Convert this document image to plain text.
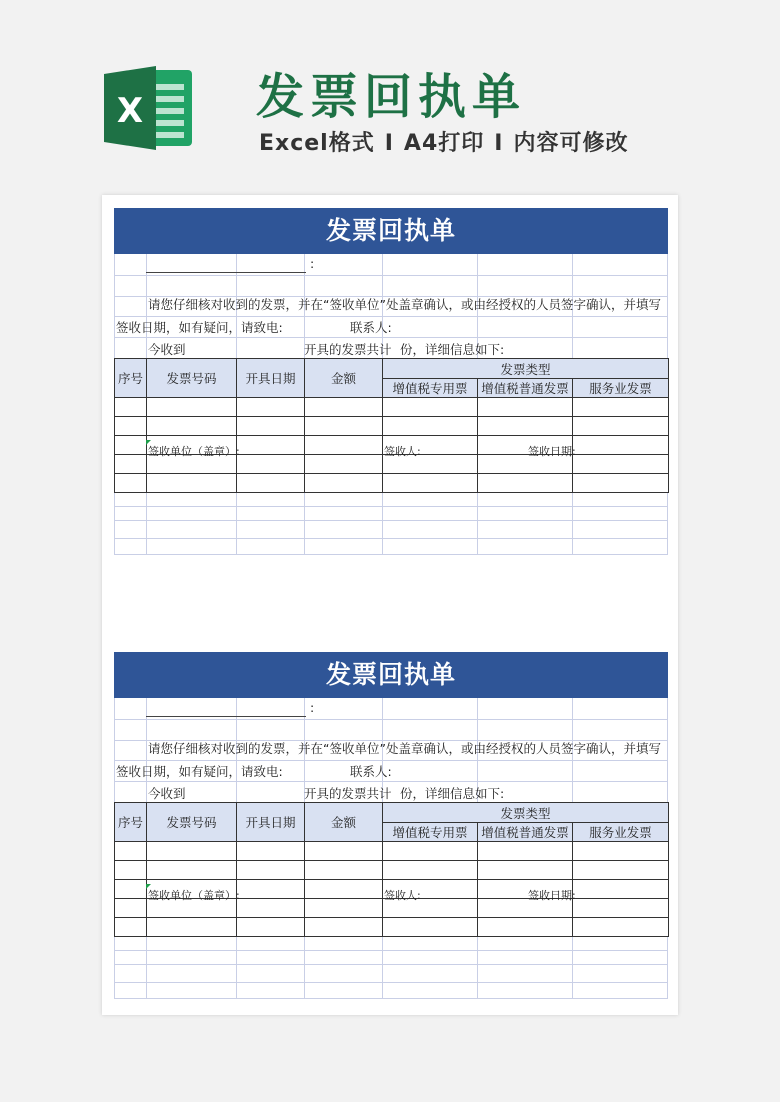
X 发票回执单
Excel格式 I A4打印 I 内容可修改
发票回执单
:
请您仔细核对收到的发票，并在“签收单位”处盖章确认，或由经授权的人员签字确认，并填写
签收日期，如有疑问，请致电:	联系人:
今收到	开具的发票共计 份，详细信息如下:
序号	发票号码	开具日期	金额	发票类型		
				增值税专用票	增值税普通发票	服务业发票

签收单位（盖章）:	签收人:	签收日期:
发票回执单
:
请您仔细核对收到的发票，并在“签收单位”处盖章确认，或由经授权的人员签字确认，并填写
签收日期，如有疑问，请致电:	联系人:
今收到	开具的发票共计 份，详细信息如下:
序号	发票号码	开具日期	金额	发票类型		
				增值税专用票	增值税普通发票	服务业发票

签收单位（盖章）:	签收人:	签收日期:
